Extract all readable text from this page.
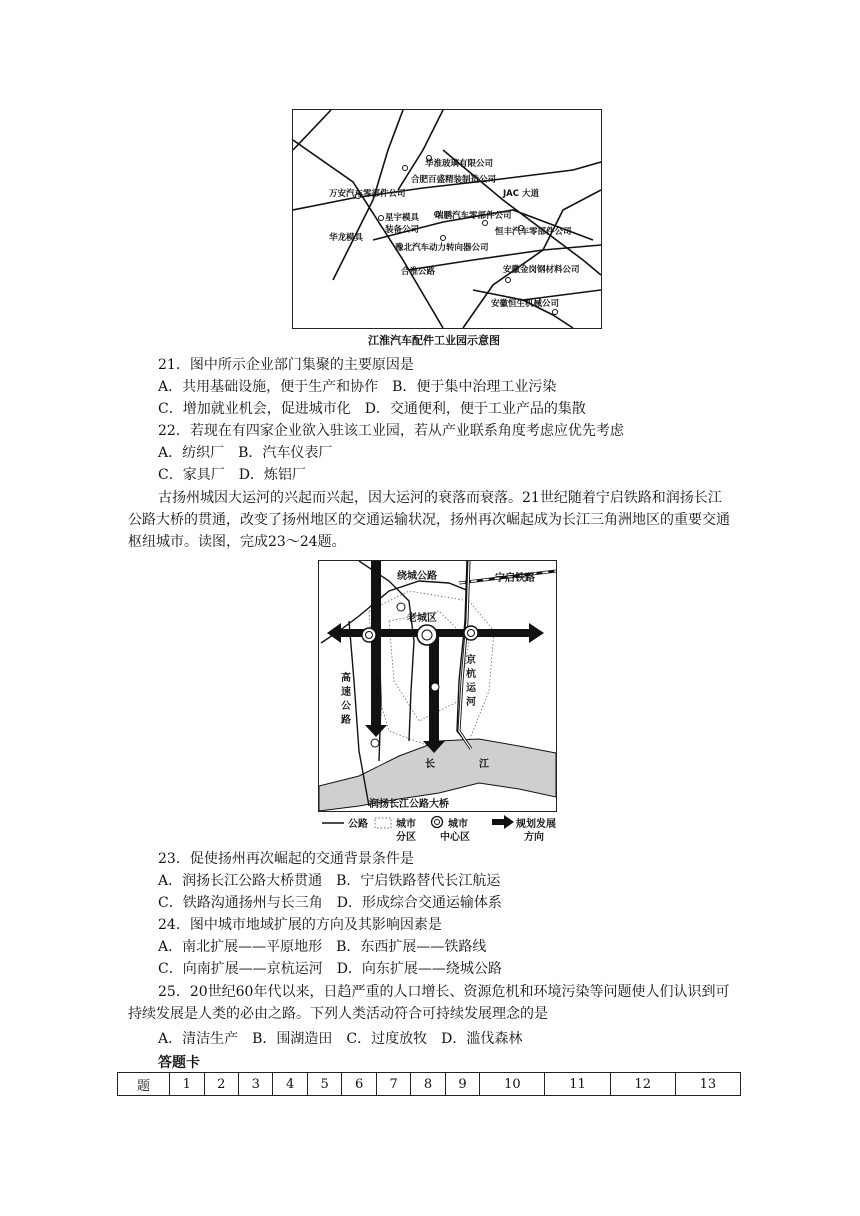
华淮玻璃有限公司
合肥百盛精装制造公司
万安汽车零部件公司	JAC 大道
星宇模具
装备公司
瑞鹏汽车零部件公司
恒丰汽车零部件公司
华龙模具
豫北汽车动力转向器公司
合淮公路	安徽金岗钢材料公司
安徽恒生机械公司
江淮汽车配件工业园示意图
21．图中所示企业部门集聚的主要原因是
A．共用基础设施，便于生产和协作　B．便于集中治理工业污染
C．增加就业机会，促进城市化　D．交通便利，便于工业产品的集散
22．若现在有四家企业欲入驻该工业园，若从产业联系角度考虑应优先考虑
A．纺织厂　B．汽车仪表厂
C．家具厂　D．炼铝厂
古扬州城因大运河的兴起而兴起，因大运河的衰落而衰落。21世纪随着宁启铁路和润扬长江公路大桥的贯通，改变了扬州地区的交通运输状况，扬州再次崛起成为长江三角洲地区的重要交通枢纽城市。读图，完成23～24题。
绕城公路	宁启铁路
老城区
京
杭
运
河
高
速
公
路
长	江
润扬长江公路大桥
公路	城市
分区
城市
中心区
规划发展
方向
23．促使扬州再次崛起的交通背景条件是
A．润扬长江公路大桥贯通　B．宁启铁路替代长江航运
C．铁路沟通扬州与长三角　D．形成综合交通运输体系
24．图中城市地域扩展的方向及其影响因素是
A．南北扩展——平原地形　B．东西扩展——铁路线
C．向南扩展——京杭运河　D．向东扩展——绕城公路
25．20世纪60年代以来，日趋严重的人口增长、资源危机和环境污染等问题使人们认识到可持续发展是人类的必由之路。下列人类活动符合可持续发展理念的是
A．清洁生产　B．围湖造田　C．过度放牧　D．滥伐森林
答题卡
题	1	2	3	4	5	6	7	8	9	10	11	12	13
